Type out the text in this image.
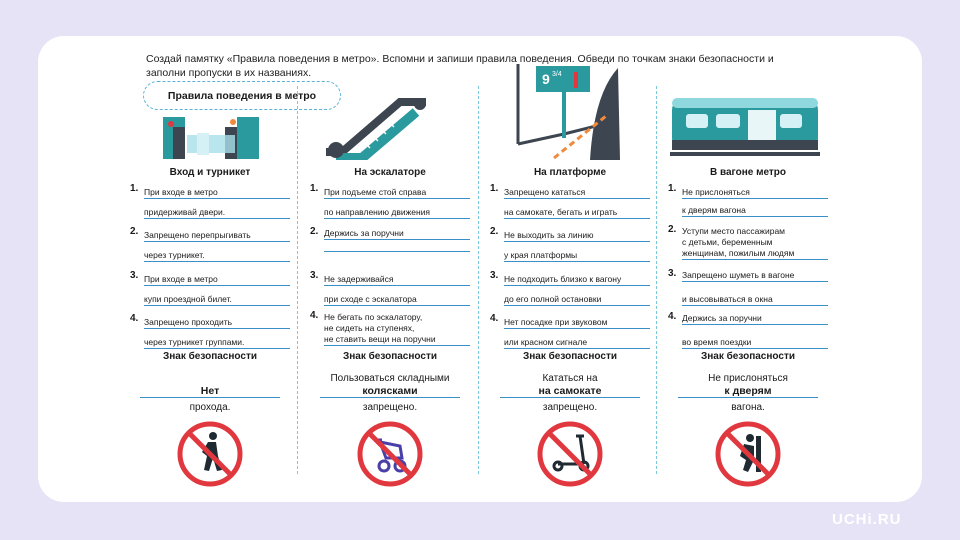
Создай памятку «Правила поведения в метро». Вспомни и запиши правила поведения. Обведи по точкам знаки безопасности и заполни пропуски в их названиях.
Правила поведения в метро
9 3/4
Вход и турникет
1. При входе в метро
придерживай двери.
2. Запрещено перепрыгивать
через турникет.
3. При входе в метро
купи проездной билет.
4. Запрещено проходить
через турникет группами.
Знак безопасности
Нет
прохода.
На эскалаторе
1. При подъеме стой справа
по направлению движения
2. Держись за поручни
3. Не задерживайся
при сходе с эскалатора
4. Не бегать по эскалатору,
не сидеть на ступенях,
не ставить вещи на поручни
Знак безопасности
Пользоваться складными
колясками
запрещено.
На платформе
1. Запрещено кататься
на самокате, бегать и играть
2. Не выходить за линию
у края платформы
3. Не подходить близко к вагону
до его полной остановки
4. Нет посадке при звуковом
или красном сигнале
Знак безопасности
Кататься на
на самокате
запрещено.
В вагоне метро
1. Не прислоняться
к дверям вагона
2. Уступи место пассажирам
с детьми, беременным
женщинам, пожилым людям
3. Запрещено шуметь в вагоне
и высовываться в окна
4. Держись за поручни
во время поездки
Знак безопасности
Не прислоняться
к дверям
вагона.
UCHi.RU
